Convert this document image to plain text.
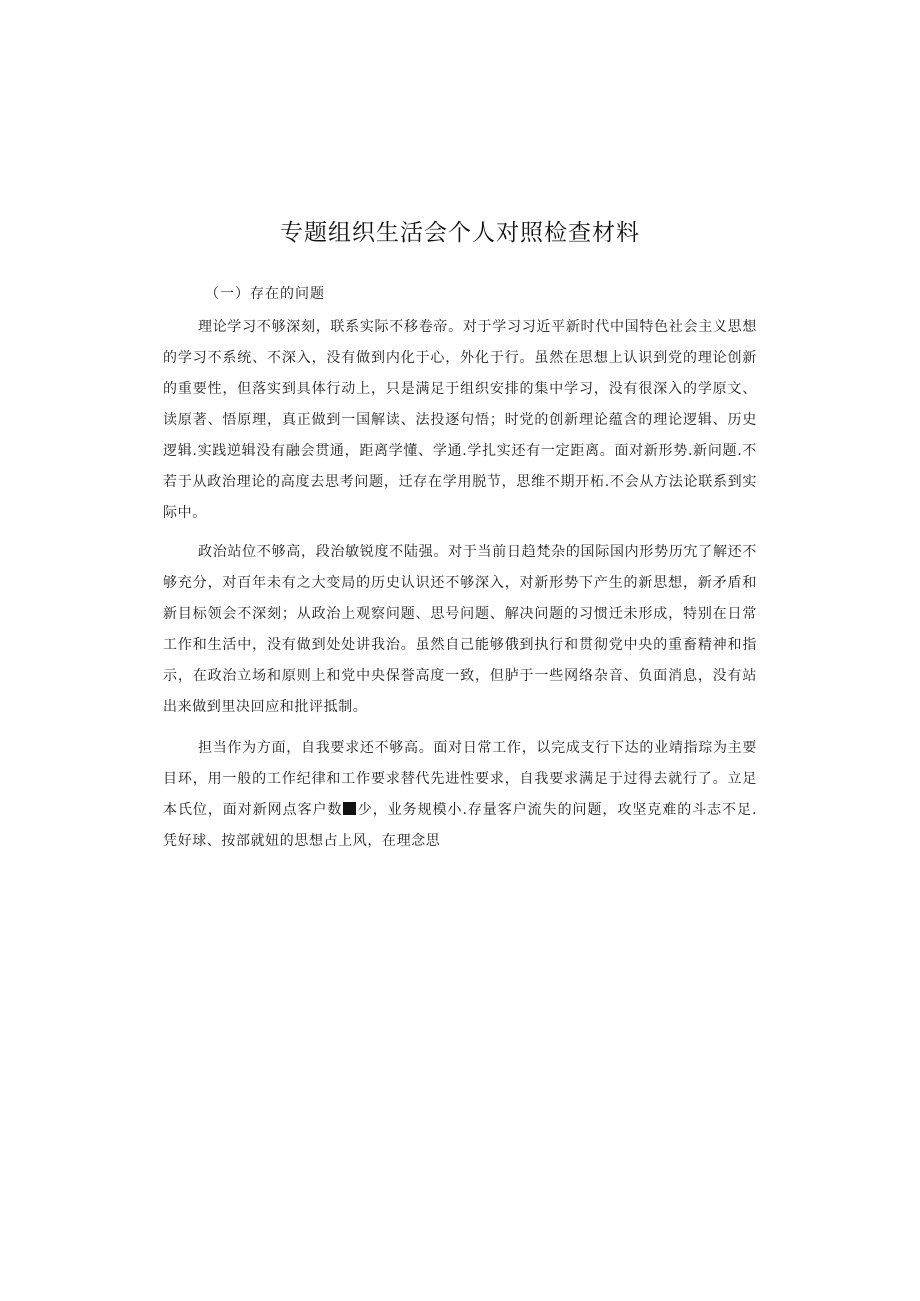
专题组织生活会个人对照检查材料
（一）存在的问题

理论学习不够深刻，联系实际不移卷帝。对于学习习近平新时代中国特色社会主义思想的学习不系统、不深入，没有做到内化于心，外化于行。虽然在思想上认识到党的理论创新的重要性，但落实到具体行动上，只是满足于组织安排的集中学习，没有很深入的学原文、读原著、悟原理，真正做到一国解读、法投逐句悟；时党的创新理论蕴含的理论逻辑、历史逻辑.实践逆辑没有融会贯通，距离学懂、学通.学扎实还有一定距离。面对新形势.新问题.不若于从政治理论的高度去思考问题，迁存在学用脱节，思维不期开柘.不会从方法论联系到实际中。

政治站位不够高，段治敏锐度不陆强。对于当前日趋梵杂的国际国内形势历宄了解还不够充分，对百年未有之大变局的历史认识还不够深入，对新形势下产生的新思想，新矛盾和新目标领会不深刻；从政治上观察问题、思号问题、解决问题的习惯迁未形成，特别在日常工作和生活中，没有做到处处讲我治。虽然自己能够俄到执行和贯彻党中央的重畜精神和指示，在政治立场和原则上和党中央保誉高度一致，但胪于一些网络杂音、负面消息，没有站出来做到里决回应和批评抵制。

担当作为方面，自我要求还不够高。面对日常工作，以完成支行下达的业靖指琮为主要目环，用一般的工作纪律和工作要求替代先进性要求，自我要求满足于过得去就行了。立足本氏位，面对新网点客户数 少，业务规模小.存量客户流失的问题，攻坚克难的斗志不足.凭好球、按部就妞的思想占上风，在理念思
